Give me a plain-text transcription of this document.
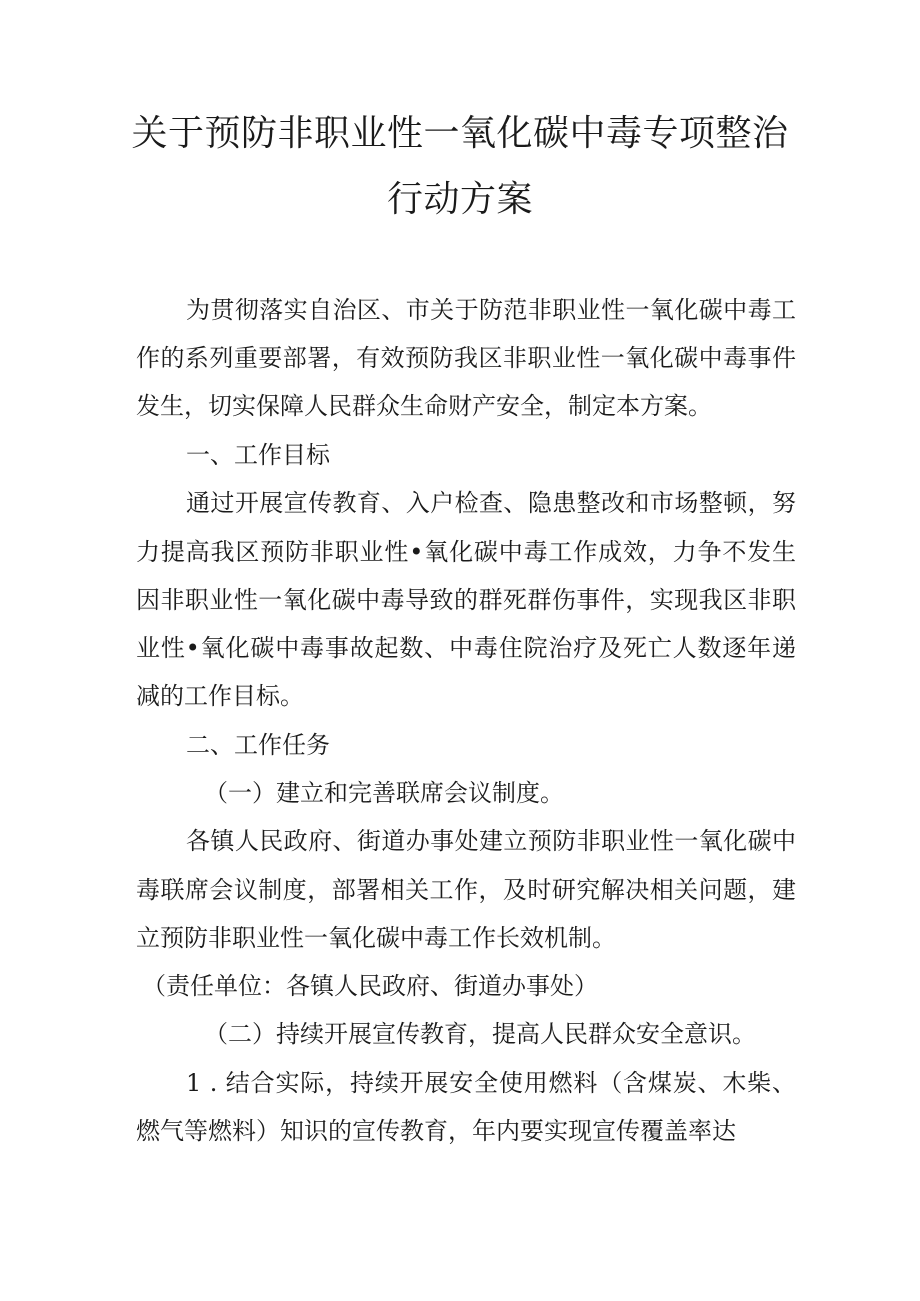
关于预防非职业性一氧化碳中毒专项整治
行动方案
为贯彻落实自治区、市关于防范非职业性一氧化碳中毒工
作的系列重要部署，有效预防我区非职业性一氧化碳中毒事件
发生，切实保障人民群众生命财产安全，制定本方案。
一、工作目标
通过开展宣传教育、入户检查、隐患整改和市场整顿，努
力提高我区预防非职业性•氧化碳中毒工作成效，力争不发生
因非职业性一氧化碳中毒导致的群死群伤事件，实现我区非职
业性•氧化碳中毒事故起数、中毒住院治疗及死亡人数逐年递
减的工作目标。
二、工作任务
（一）建立和完善联席会议制度。
各镇人民政府、街道办事处建立预防非职业性一氧化碳中
毒联席会议制度，部署相关工作，及时研究解决相关问题，建
立预防非职业性一氧化碳中毒工作长效机制。
（责任单位：各镇人民政府、街道办事处）
（二）持续开展宣传教育，提高人民群众安全意识。
1 . 结合实际，持续开展安全使用燃料（含煤炭、木柴、
燃气等燃料）知识的宣传教育，年内要实现宣传覆盖率达
